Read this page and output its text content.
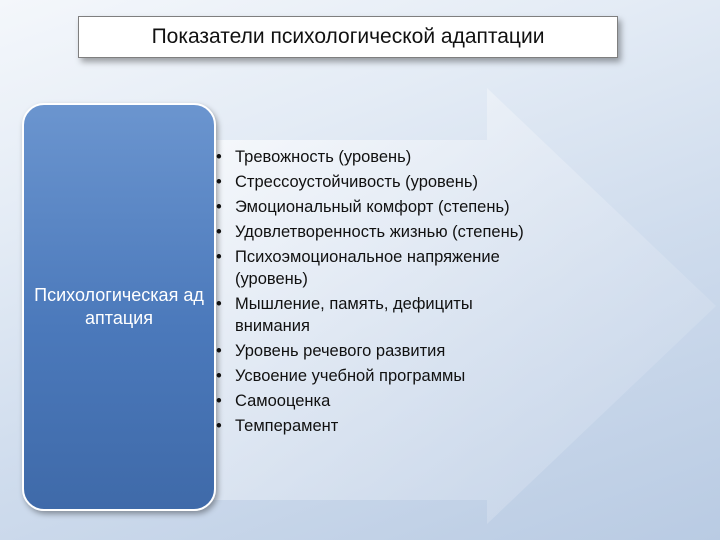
Показатели психологической адаптации
Психологическая адаптация
• Тревожность (уровень)
• Стрессоустойчивость (уровень)
• Эмоциональный комфорт (степень)
• Удовлетворенность жизнью (степень)
• Психоэмоциональное напряжение (уровень)
• Мышление, память, дефициты внимания
• Уровень речевого развития
• Усвоение учебной программы
• Самооценка
• Темперамент
